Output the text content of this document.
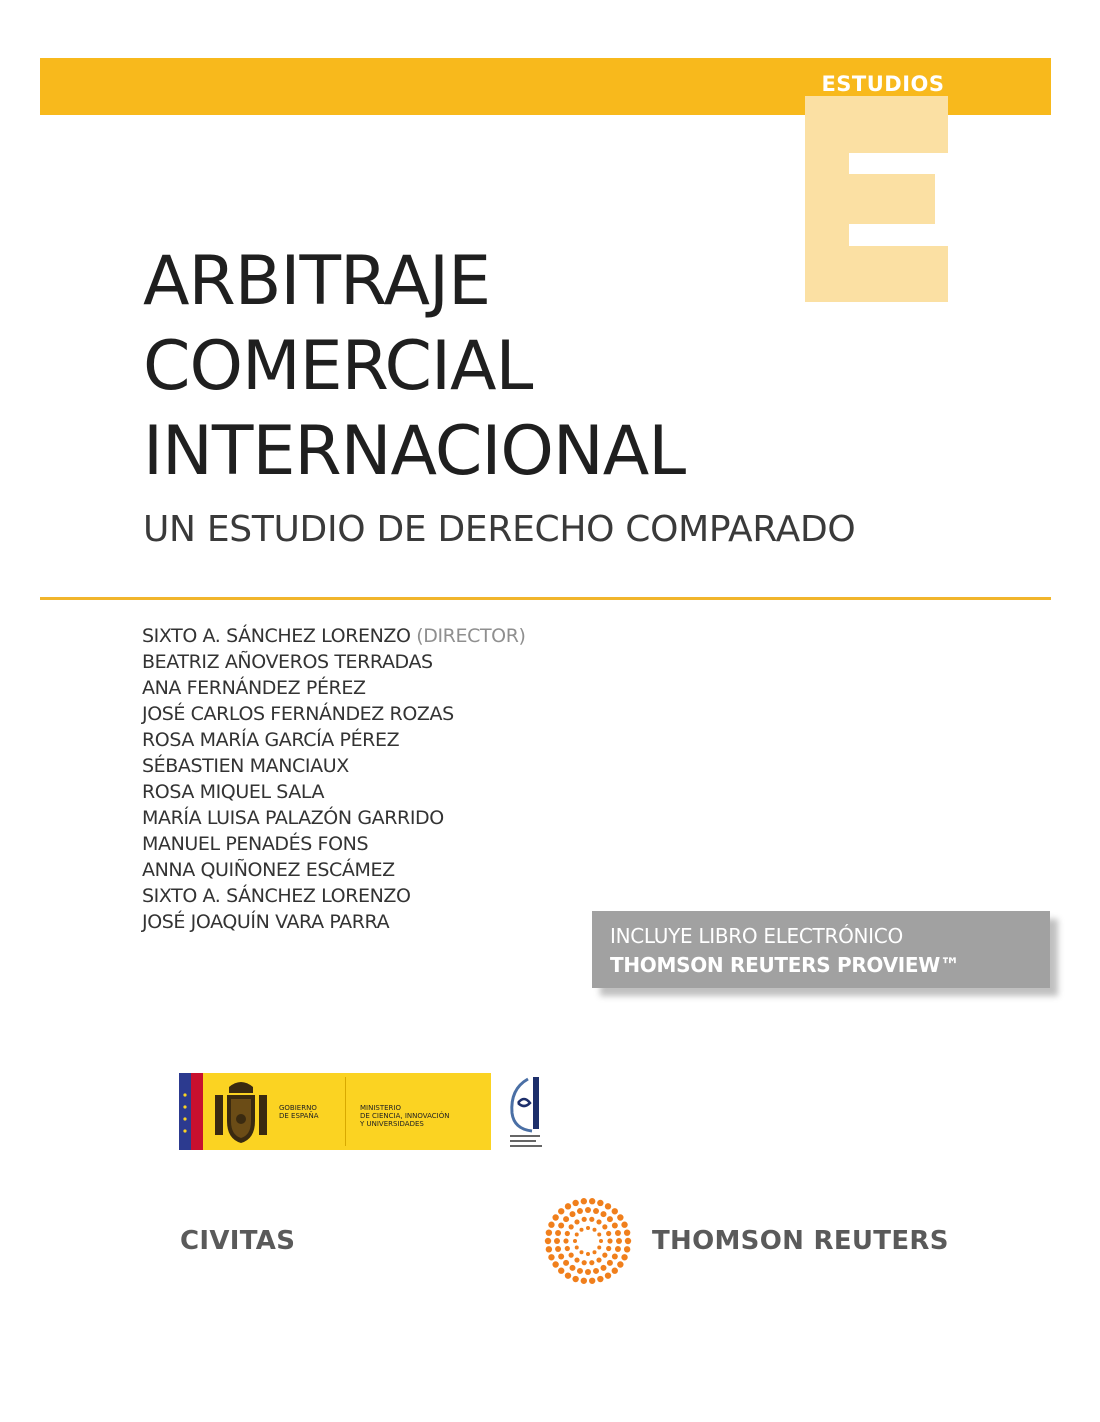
ESTUDIOS
ARBITRAJE
COMERCIAL
INTERNACIONAL
UN ESTUDIO DE DERECHO COMPARADO
SIXTO A. SÁNCHEZ LORENZO (DIRECTOR)
BEATRIZ AÑOVEROS TERRADAS
ANA FERNÁNDEZ PÉREZ
JOSÉ CARLOS FERNÁNDEZ ROZAS
ROSA MARÍA GARCÍA PÉREZ
SÉBASTIEN MANCIAUX
ROSA MIQUEL SALA
MARÍA LUISA PALAZÓN GARRIDO
MANUEL PENADÉS FONS
ANNA QUIÑONEZ ESCÁMEZ
SIXTO A. SÁNCHEZ LORENZO
JOSÉ JOAQUÍN VARA PARRA
INCLUYE LIBRO ELECTRÓNICO
THOMSON REUTERS PROVIEW™
GOBIERNO
DE ESPAÑA
MINISTERIO
DE CIENCIA, INNOVACIÓN
Y UNIVERSIDADES
CIVITAS	THOMSON REUTERS
